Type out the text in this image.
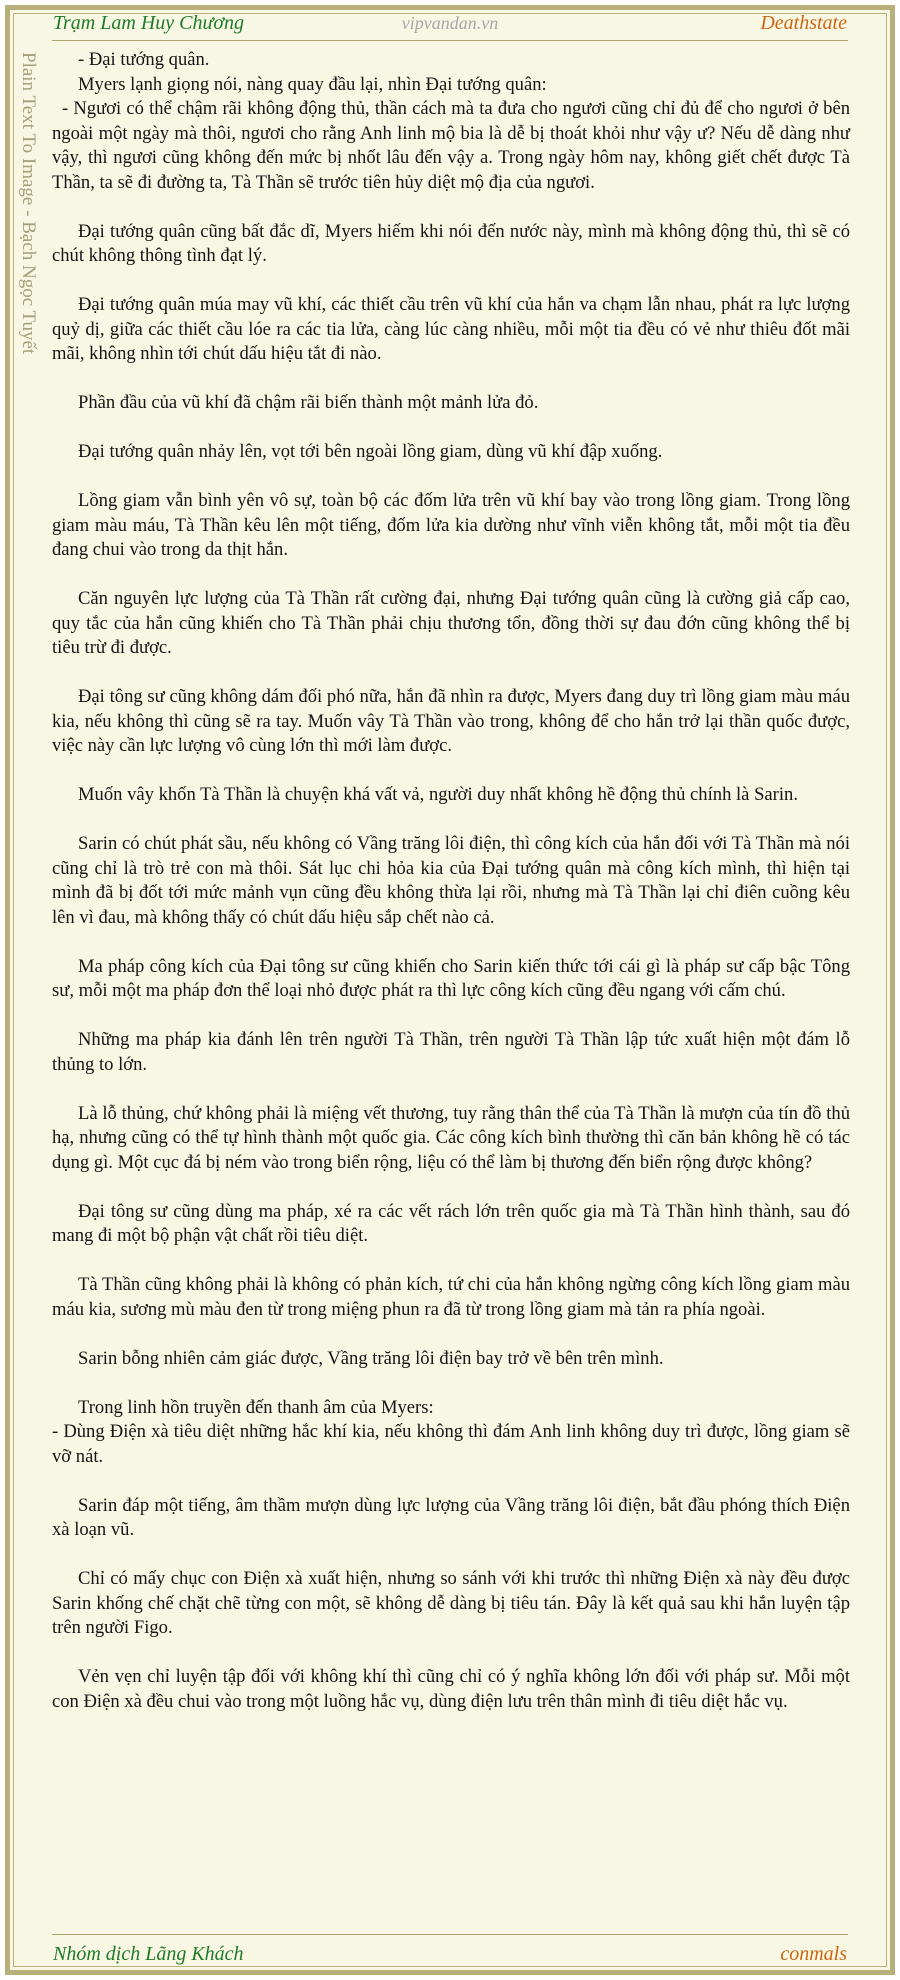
Trạm Lam Huy Chương	vipvandan.vn	Deathstate
Plain Text To Image - Bạch Ngọc Tuyết	- Đại tướng quân.
Myers lạnh giọng nói, nàng quay đầu lại, nhìn Đại tướng quân:
- Ngươi có thể chậm rãi không động thủ, thần cách mà ta đưa cho ngươi cũng chỉ đủ để cho ngươi ở bên ngoài một ngày mà thôi, ngươi cho rằng Anh linh mộ bia là dễ bị thoát khỏi như vậy ư? Nếu dễ dàng như vậy, thì ngươi cũng không đến mức bị nhốt lâu đến vậy a. Trong ngày hôm nay, không giết chết được Tà Thần, ta sẽ đi đường ta, Tà Thần sẽ trước tiên hủy diệt mộ địa của ngươi.

Đại tướng quân cũng bất đắc dĩ, Myers hiếm khi nói đến nước này, mình mà không động thủ, thì sẽ có chút không thông tình đạt lý.

Đại tướng quân múa may vũ khí, các thiết cầu trên vũ khí của hắn va chạm lẫn nhau, phát ra lực lượng quỷ dị, giữa các thiết cầu lóe ra các tia lửa, càng lúc càng nhiều, mỗi một tia đều có vẻ như thiêu đốt mãi mãi, không nhìn tới chút dấu hiệu tắt đi nào.

Phần đầu của vũ khí đã chậm rãi biến thành một mảnh lửa đỏ.

Đại tướng quân nhảy lên, vọt tới bên ngoài lồng giam, dùng vũ khí đập xuống.

Lồng giam vẫn bình yên vô sự, toàn bộ các đốm lửa trên vũ khí bay vào trong lồng giam. Trong lồng giam màu máu, Tà Thần kêu lên một tiếng, đốm lửa kia dường như vĩnh viễn không tắt, mỗi một tia đều đang chui vào trong da thịt hắn.

Căn nguyên lực lượng của Tà Thần rất cường đại, nhưng Đại tướng quân cũng là cường giả cấp cao, quy tắc của hắn cũng khiến cho Tà Thần phải chịu thương tổn, đồng thời sự đau đớn cũng không thể bị tiêu trừ đi được.

Đại tông sư cũng không dám đối phó nữa, hắn đã nhìn ra được, Myers đang duy trì lồng giam màu máu kia, nếu không thì cũng sẽ ra tay. Muốn vây Tà Thần vào trong, không để cho hắn trở lại thần quốc được, việc này cần lực lượng vô cùng lớn thì mới làm được.

Muốn vây khốn Tà Thần là chuyện khá vất vả, người duy nhất không hề động thủ chính là Sarin.

Sarin có chút phát sầu, nếu không có Vầng trăng lôi điện, thì công kích của hắn đối với Tà Thần mà nói cũng chỉ là trò trẻ con mà thôi. Sát lục chi hỏa kia của Đại tướng quân mà công kích mình, thì hiện tại mình đã bị đốt tới mức mảnh vụn cũng đều không thừa lại rồi, nhưng mà Tà Thần lại chỉ điên cuồng kêu lên vì đau, mà không thấy có chút dấu hiệu sắp chết nào cả.

Ma pháp công kích của Đại tông sư cũng khiến cho Sarin kiến thức tới cái gì là pháp sư cấp bậc Tông sư, mỗi một ma pháp đơn thể loại nhỏ được phát ra thì lực công kích cũng đều ngang với cấm chú.

Những ma pháp kia đánh lên trên người Tà Thần, trên người Tà Thần lập tức xuất hiện một đám lỗ thủng to lớn.

Là lỗ thủng, chứ không phải là miệng vết thương, tuy rằng thân thể của Tà Thần là mượn của tín đồ thủ hạ, nhưng cũng có thể tự hình thành một quốc gia. Các công kích bình thường thì căn bản không hề có tác dụng gì. Một cục đá bị ném vào trong biển rộng, liệu có thể làm bị thương đến biển rộng được không?

Đại tông sư cũng dùng ma pháp, xé ra các vết rách lớn trên quốc gia mà Tà Thần hình thành, sau đó mang đi một bộ phận vật chất rồi tiêu diệt.

Tà Thần cũng không phải là không có phản kích, tứ chi của hắn không ngừng công kích lồng giam màu máu kia, sương mù màu đen từ trong miệng phun ra đã từ trong lồng giam mà tản ra phía ngoài.

Sarin bỗng nhiên cảm giác được, Vầng trăng lôi điện bay trở về bên trên mình.

Trong linh hồn truyền đến thanh âm của Myers:
- Dùng Điện xà tiêu diệt những hắc khí kia, nếu không thì đám Anh linh không duy trì được, lồng giam sẽ vỡ nát.

Sarin đáp một tiếng, âm thầm mượn dùng lực lượng của Vầng trăng lôi điện, bắt đầu phóng thích Điện xà loạn vũ.

Chỉ có mấy chục con Điện xà xuất hiện, nhưng so sánh với khi trước thì những Điện xà này đều được Sarin khống chế chặt chẽ từng con một, sẽ không dễ dàng bị tiêu tán. Đây là kết quả sau khi hắn luyện tập trên người Figo.

Vẻn vẹn chỉ luyện tập đối với không khí thì cũng chỉ có ý nghĩa không lớn đối với pháp sư. Mỗi một con Điện xà đều chui vào trong một luồng hắc vụ, dùng điện lưu trên thân mình đi tiêu diệt hắc vụ.

Nhóm dịch Lãng Khách	conmals
